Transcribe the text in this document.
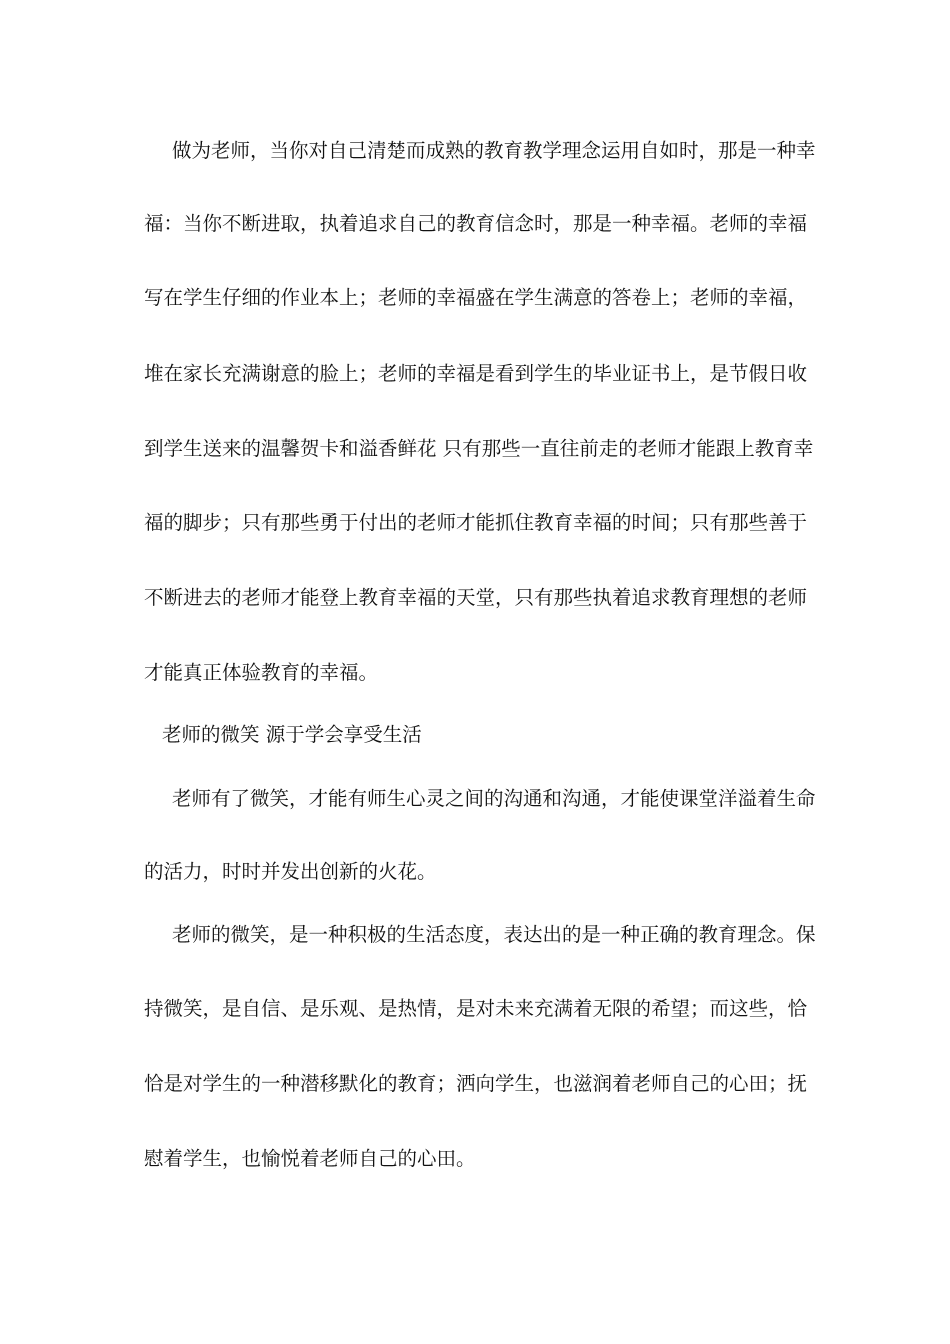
做为老师，当你对自己清楚而成熟的教育教学理念运用自如时，那是一种幸
福：当你不断进取，执着追求自己的教育信念时，那是一种幸福。老师的幸福
写在学生仔细的作业本上；老师的幸福盛在学生满意的答卷上；老师的幸福，
堆在家长充满谢意的脸上；老师的幸福是看到学生的毕业证书上，是节假日收
到学生送来的温馨贺卡和溢香鲜花 只有那些一直往前走的老师才能跟上教育幸
福的脚步；只有那些勇于付出的老师才能抓住教育幸福的时间；只有那些善于
不断进去的老师才能登上教育幸福的天堂，只有那些执着追求教育理想的老师
才能真正体验教育的幸福。
老师的微笑 源于学会享受生活
老师有了微笑，才能有师生心灵之间的沟通和沟通，才能使课堂洋溢着生命
的活力，时时并发出创新的火花。
老师的微笑，是一种积极的生活态度，表达出的是一种正确的教育理念。保
持微笑，是自信、是乐观、是热情，是对未来充满着无限的希望；而这些，恰
恰是对学生的一种潜移默化的教育；洒向学生，也滋润着老师自己的心田；抚
慰着学生，也愉悦着老师自己的心田。
